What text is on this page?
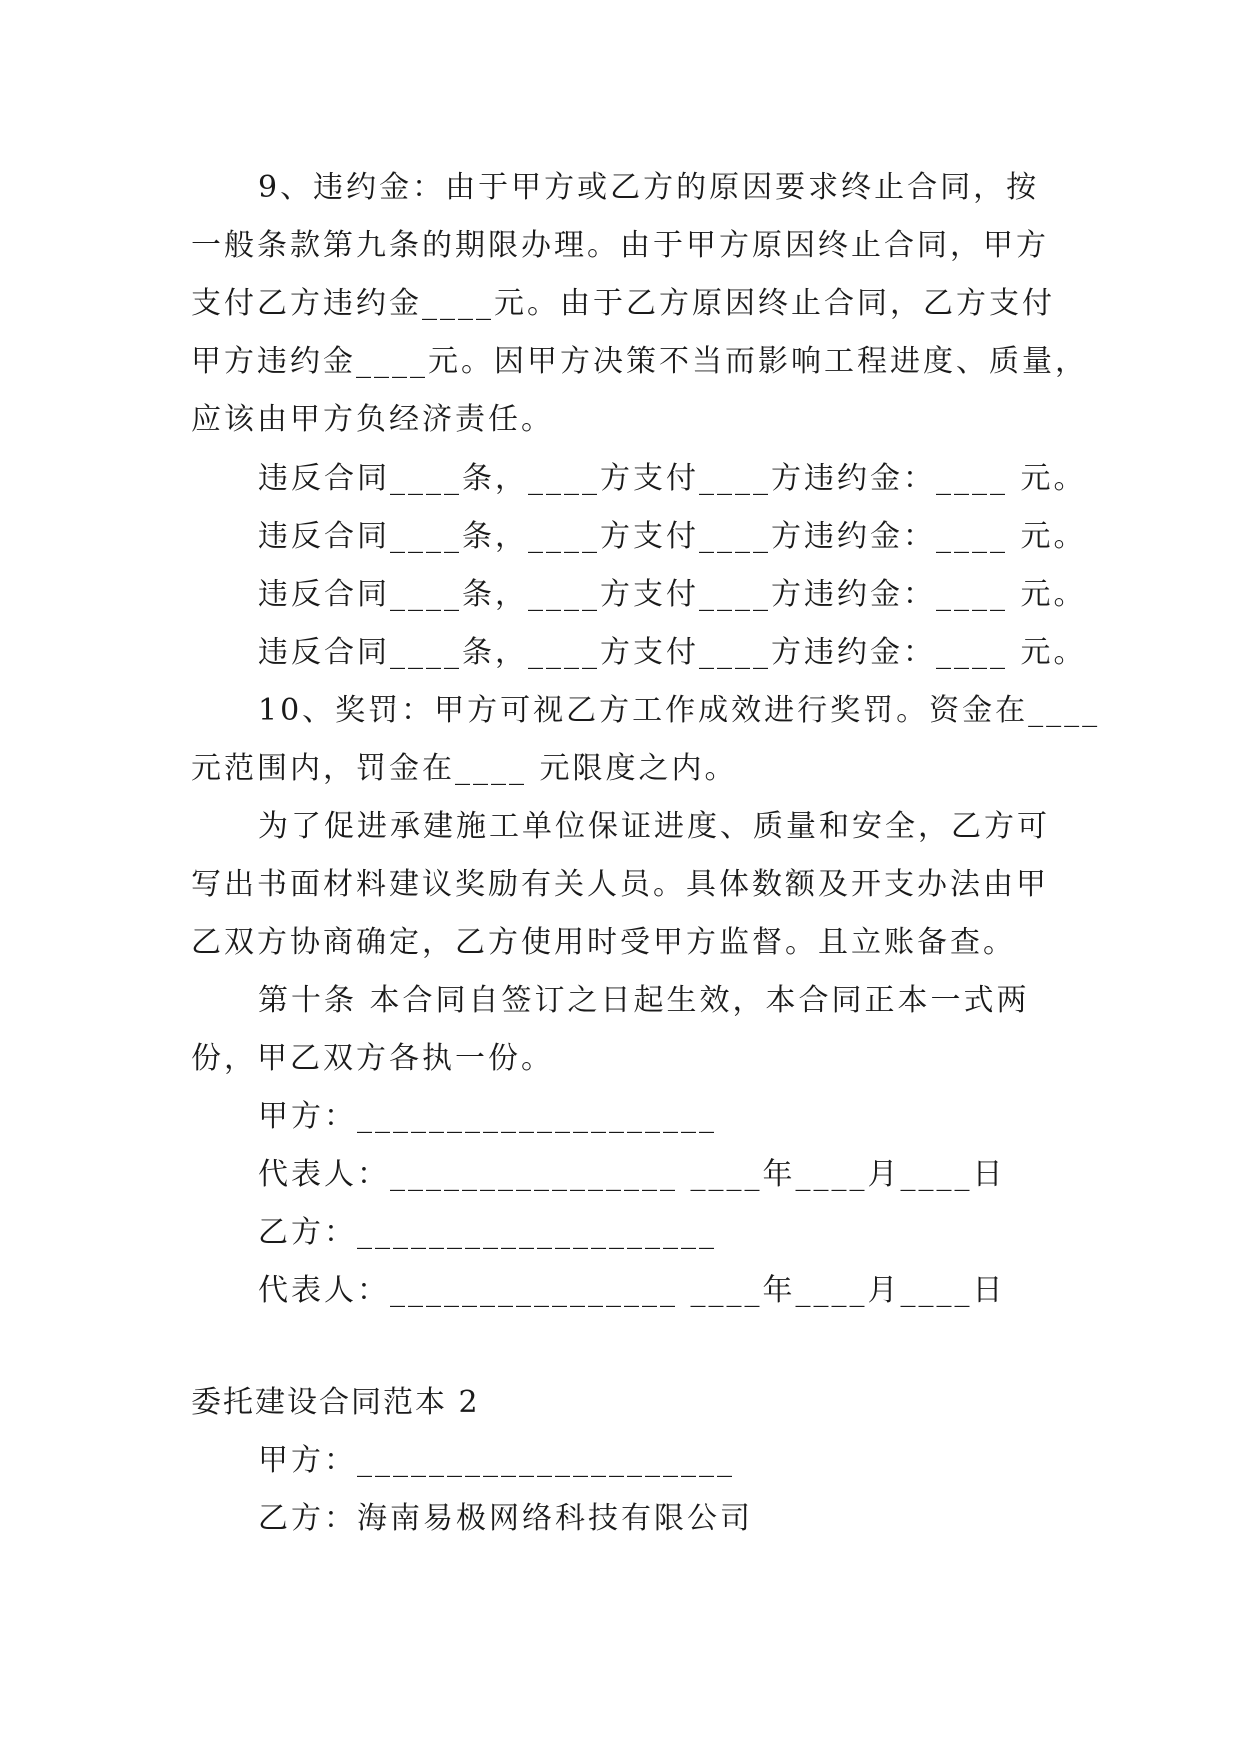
9、违约金：由于甲方或乙方的原因要求终止合同，按
一般条款第九条的期限办理。由于甲方原因终止合同，甲方
支付乙方违约金____元。由于乙方原因终止合同，乙方支付
甲方违约金____元。因甲方决策不当而影响工程进度、质量，
应该由甲方负经济责任。
违反合同____条，____方支付____方违约金：____ 元。
违反合同____条，____方支付____方违约金：____ 元。
违反合同____条，____方支付____方违约金：____ 元。
违反合同____条，____方支付____方违约金：____ 元。
10、奖罚：甲方可视乙方工作成效进行奖罚。资金在____
元范围内，罚金在____ 元限度之内。
为了促进承建施工单位保证进度、质量和安全，乙方可
写出书面材料建议奖励有关人员。具体数额及开支办法由甲
乙双方协商确定，乙方使用时受甲方监督。且立账备查。
第十条 本合同自签订之日起生效，本合同正本一式两
份，甲乙双方各执一份。
甲方：____________________
代表人：________________ ____年____月____日
乙方：____________________
代表人：________________ ____年____月____日
委托建设合同范本 2
甲方：_____________________
乙方：海南易极网络科技有限公司
